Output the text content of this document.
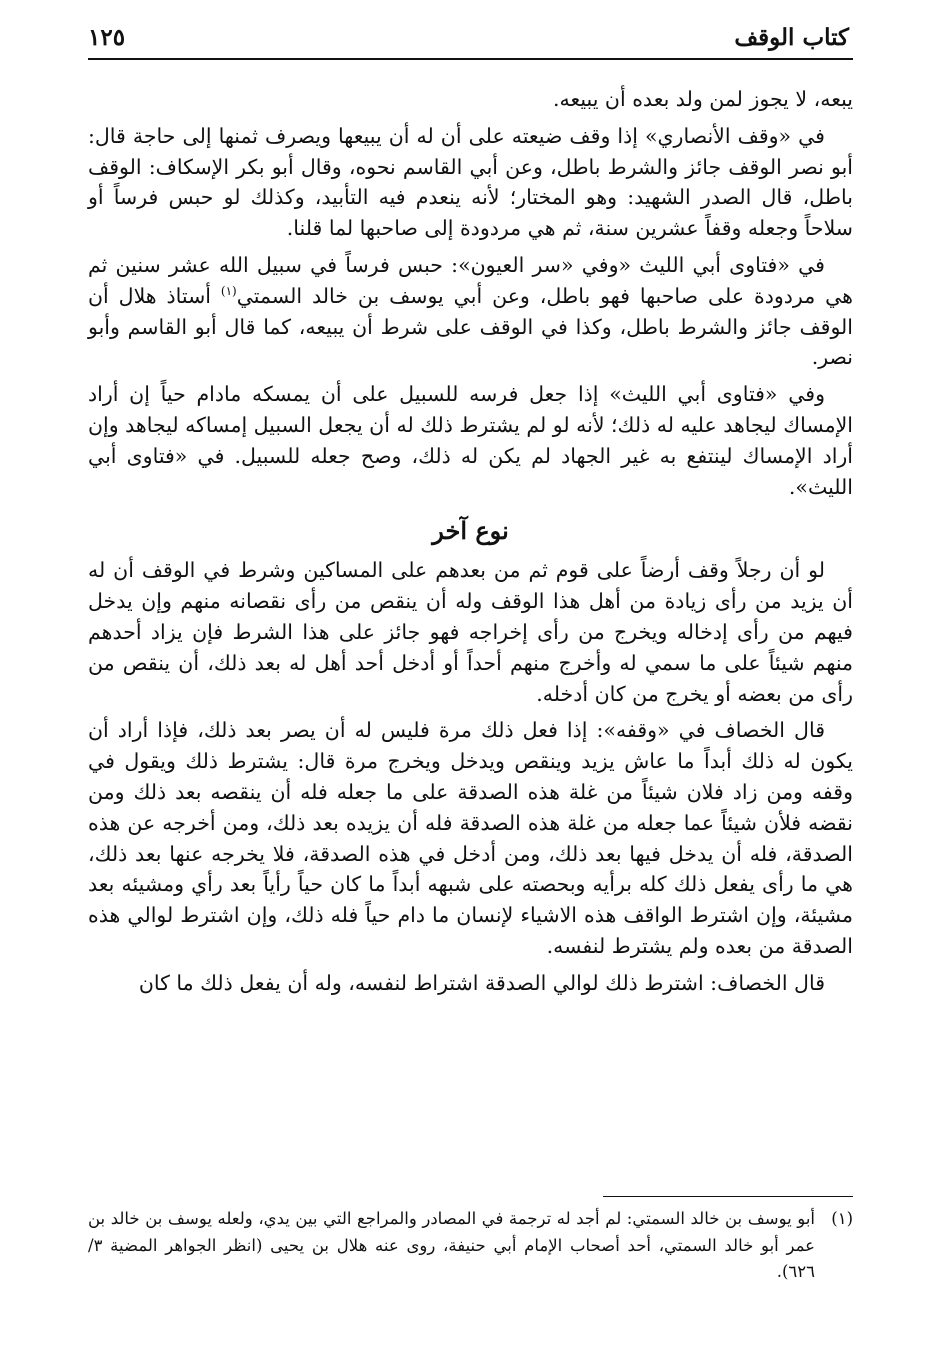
كتاب الوقف
١٢٥

يبعه، لا يجوز لمن ولد بعده أن يبيعه.

في «وقف الأنصاري» إذا وقف ضيعته على أن له أن يبيعها ويصرف ثمنها إلى حاجة قال: أبو نصر الوقف جائز والشرط باطل، وعن أبي القاسم نحوه، وقال أبو بكر الإسكاف: الوقف باطل، قال الصدر الشهيد: وهو المختار؛ لأنه ينعدم فيه التأبيد، وكذلك لو حبس فرساً أو سلاحاً وجعله وقفاً عشرين سنة، ثم هي مردودة إلى صاحبها لما قلنا.

في «فتاوى أبي الليث «وفي «سر العيون»: حبس فرساً في سبيل الله عشر سنين ثم هي مردودة على صاحبها فهو باطل، وعن أبي يوسف بن خالد السمتي$^{(١)}$ أستاذ هلال أن الوقف جائز والشرط باطل، وكذا في الوقف على شرط أن يبيعه، كما قال أبو القاسم وأبو نصر.

وفي «فتاوى أبي الليث» إذا جعل فرسه للسبيل على أن يمسكه مادام حياً إن أراد الإمساك ليجاهد عليه له ذلك؛ لأنه لو لم يشترط ذلك له أن يجعل السبيل إمساكه ليجاهد وإن أراد الإمساك لينتفع به غير الجهاد لم يكن له ذلك، وصح جعله للسبيل. في «فتاوى أبي الليث».

نوع آخر

لو أن رجلاً وقف أرضاً على قوم ثم من بعدهم على المساكين وشرط في الوقف أن له أن يزيد من رأى زيادة من أهل هذا الوقف وله أن ينقص من رأى نقصانه منهم وإن يدخل فيهم من رأى إدخاله ويخرج من رأى إخراجه فهو جائز على هذا الشرط فإن يزاد أحدهم منهم شيئاً على ما سمي له وأخرج منهم أحداً أو أدخل أحد أهل له بعد ذلك، أن ينقص من رأى من بعضه أو يخرج من كان أدخله.

قال الخصاف في «وقفه»: إذا فعل ذلك مرة فليس له أن يصر بعد ذلك، فإذا أراد أن يكون له ذلك أبداً ما عاش يزيد وينقص ويدخل ويخرج مرة قال: يشترط ذلك ويقول في وقفه ومن زاد فلان شيئاً من غلة هذه الصدقة على ما جعله فله أن ينقصه بعد ذلك ومن نقضه فلأن شيئاً عما جعله من غلة هذه الصدقة فله أن يزيده بعد ذلك، ومن أخرجه عن هذه الصدقة، فله أن يدخل فيها بعد ذلك، ومن أدخل في هذه الصدقة، فلا يخرجه عنها بعد ذلك، هي ما رأى يفعل ذلك كله برأيه وبحصته على شبهه أبداً ما كان حياً رأياً بعد رأي ومشيئه بعد مشيئة، وإن اشترط الواقف هذه الاشياء لإنسان ما دام حياً فله ذلك، وإن اشترط لوالي هذه الصدقة من بعده ولم يشترط لنفسه.

قال الخصاف: اشترط ذلك لوالي الصدقة اشتراط لنفسه، وله أن يفعل ذلك ما كان

(١)
أبو يوسف بن خالد السمتي: لم أجد له ترجمة في المصادر والمراجع التي بين يدي، ولعله يوسف بن خالد بن عمر أبو خالد السمتي، أحد أصحاب الإمام أبي حنيفة، روى عنه هلال بن يحيى (انظر الجواهر المضية ٣/ ٦٢٦).
